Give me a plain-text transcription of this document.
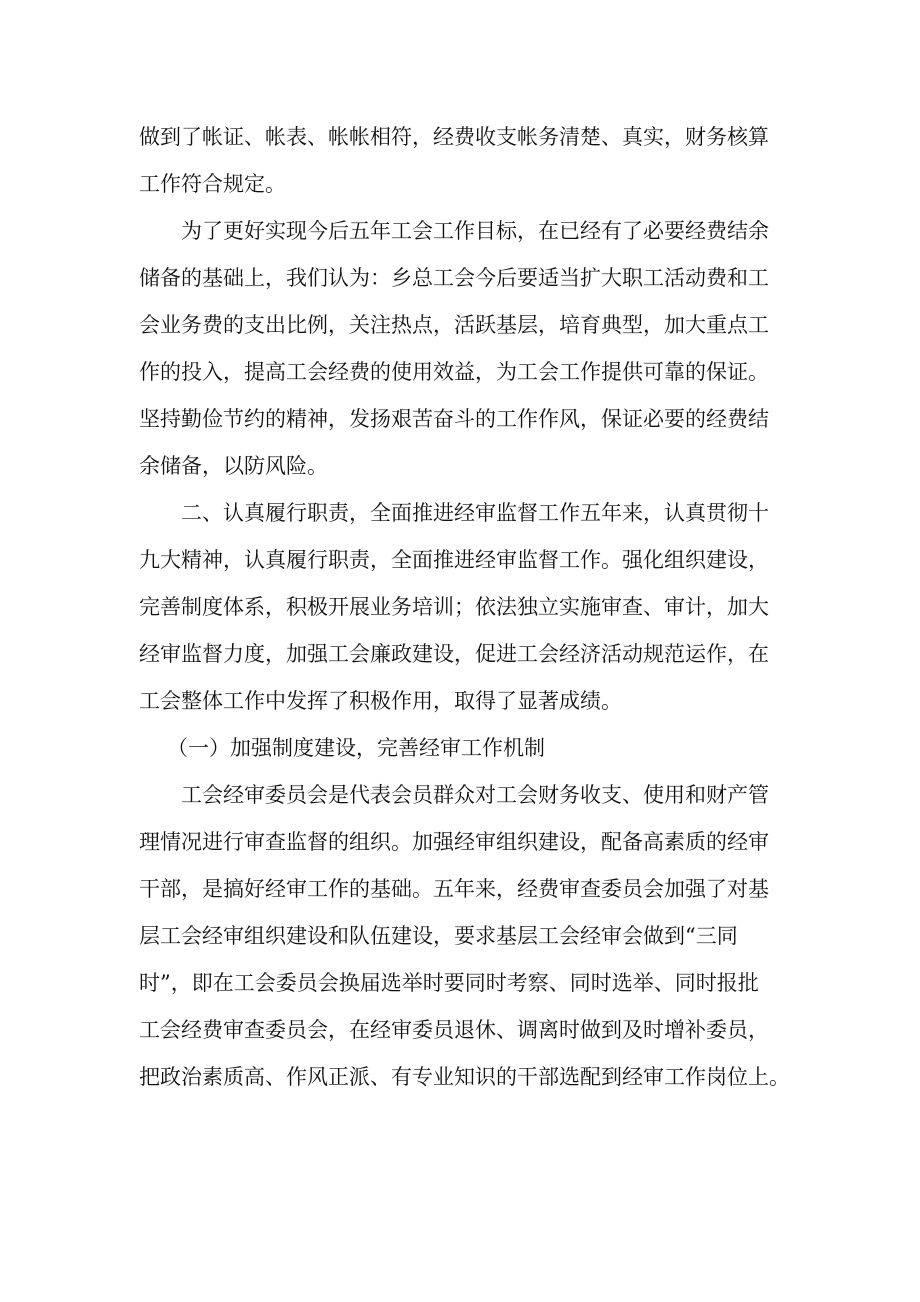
做到了帐证、帐表、帐帐相符，经费收支帐务清楚、真实，财务核算
工作符合规定。
为了更好实现今后五年工会工作目标，在已经有了必要经费结余
储备的基础上，我们认为：乡总工会今后要适当扩大职工活动费和工
会业务费的支出比例，关注热点，活跃基层，培育典型，加大重点工
作的投入，提高工会经费的使用效益，为工会工作提供可靠的保证。
坚持勤俭节约的精神，发扬艰苦奋斗的工作作风，保证必要的经费结
余储备，以防风险。
二、认真履行职责，全面推进经审监督工作五年来，认真贯彻十
九大精神，认真履行职责，全面推进经审监督工作。强化组织建设，
完善制度体系，积极开展业务培训；依法独立实施审查、审计，加大
经审监督力度，加强工会廉政建设，促进工会经济活动规范运作，在
工会整体工作中发挥了积极作用，取得了显著成绩。
（一）加强制度建设，完善经审工作机制
工会经审委员会是代表会员群众对工会财务收支、使用和财产管
理情况进行审查监督的组织。加强经审组织建设，配备高素质的经审
干部，是搞好经审工作的基础。五年来，经费审查委员会加强了对基
层工会经审组织建设和队伍建设，要求基层工会经审会做到“三同
时”，即在工会委员会换届选举时要同时考察、同时选举、同时报批
工会经费审查委员会，在经审委员退休、调离时做到及时增补委员，
把政治素质高、作风正派、有专业知识的干部选配到经审工作岗位上。
